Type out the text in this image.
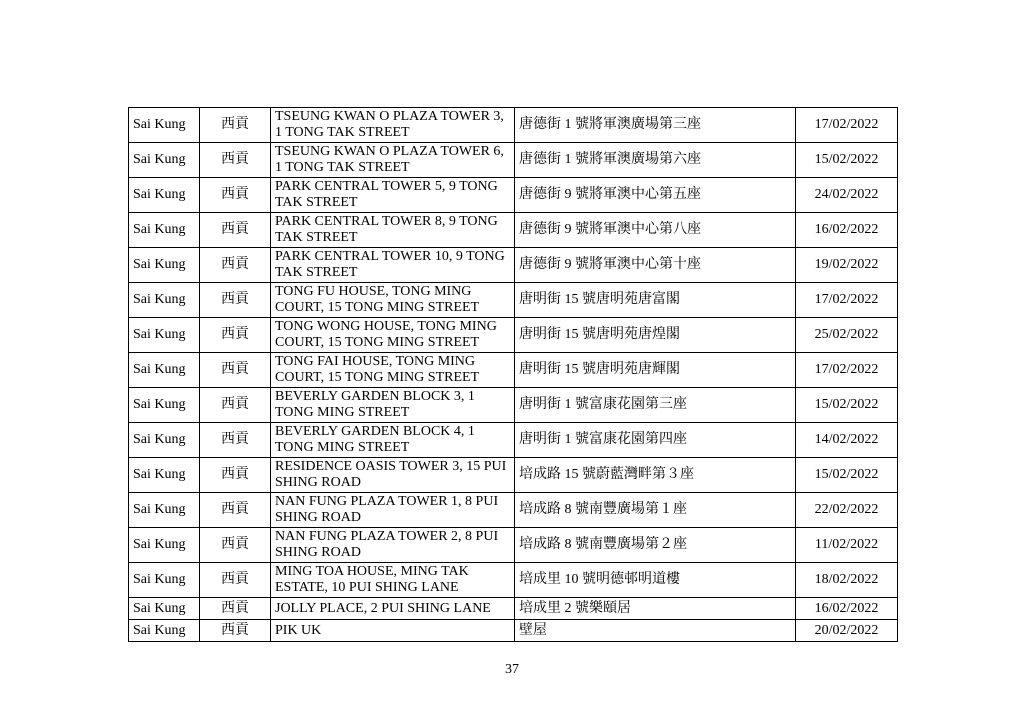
Sai Kung	西貢	TSEUNG KWAN O PLAZA TOWER 3, 1 TONG TAK STREET	唐德街 1 號將軍澳廣場第三座	17/02/2022
Sai Kung	西貢	TSEUNG KWAN O PLAZA TOWER 6, 1 TONG TAK STREET	唐德街 1 號將軍澳廣場第六座	15/02/2022
Sai Kung	西貢	PARK CENTRAL TOWER 5, 9 TONG TAK STREET	唐德街 9 號將軍澳中心第五座	24/02/2022
Sai Kung	西貢	PARK CENTRAL TOWER 8, 9 TONG TAK STREET	唐德街 9 號將軍澳中心第八座	16/02/2022
Sai Kung	西貢	PARK CENTRAL TOWER 10, 9 TONG TAK STREET	唐德街 9 號將軍澳中心第十座	19/02/2022
Sai Kung	西貢	TONG FU HOUSE, TONG MING COURT, 15 TONG MING STREET	唐明街 15 號唐明苑唐富閣	17/02/2022
Sai Kung	西貢	TONG WONG HOUSE, TONG MING COURT, 15 TONG MING STREET	唐明街 15 號唐明苑唐煌閣	25/02/2022
Sai Kung	西貢	TONG FAI HOUSE, TONG MING COURT, 15 TONG MING STREET	唐明街 15 號唐明苑唐輝閣	17/02/2022
Sai Kung	西貢	BEVERLY GARDEN BLOCK 3, 1 TONG MING STREET	唐明街 1 號富康花園第三座	15/02/2022
Sai Kung	西貢	BEVERLY GARDEN BLOCK 4, 1 TONG MING STREET	唐明街 1 號富康花園第四座	14/02/2022
Sai Kung	西貢	RESIDENCE OASIS TOWER 3, 15 PUI SHING ROAD	培成路 15 號蔚藍灣畔第３座	15/02/2022
Sai Kung	西貢	NAN FUNG PLAZA TOWER 1, 8 PUI SHING ROAD	培成路 8 號南豐廣場第１座	22/02/2022
Sai Kung	西貢	NAN FUNG PLAZA TOWER 2, 8 PUI SHING ROAD	培成路 8 號南豐廣場第２座	11/02/2022
Sai Kung	西貢	MING TOA HOUSE, MING TAK ESTATE, 10 PUI SHING LANE	培成里 10 號明德邨明道樓	18/02/2022
Sai Kung	西貢	JOLLY PLACE, 2 PUI SHING LANE	培成里 2 號樂頤居	16/02/2022
Sai Kung	西貢	PIK UK	壁屋	20/02/2022
37
